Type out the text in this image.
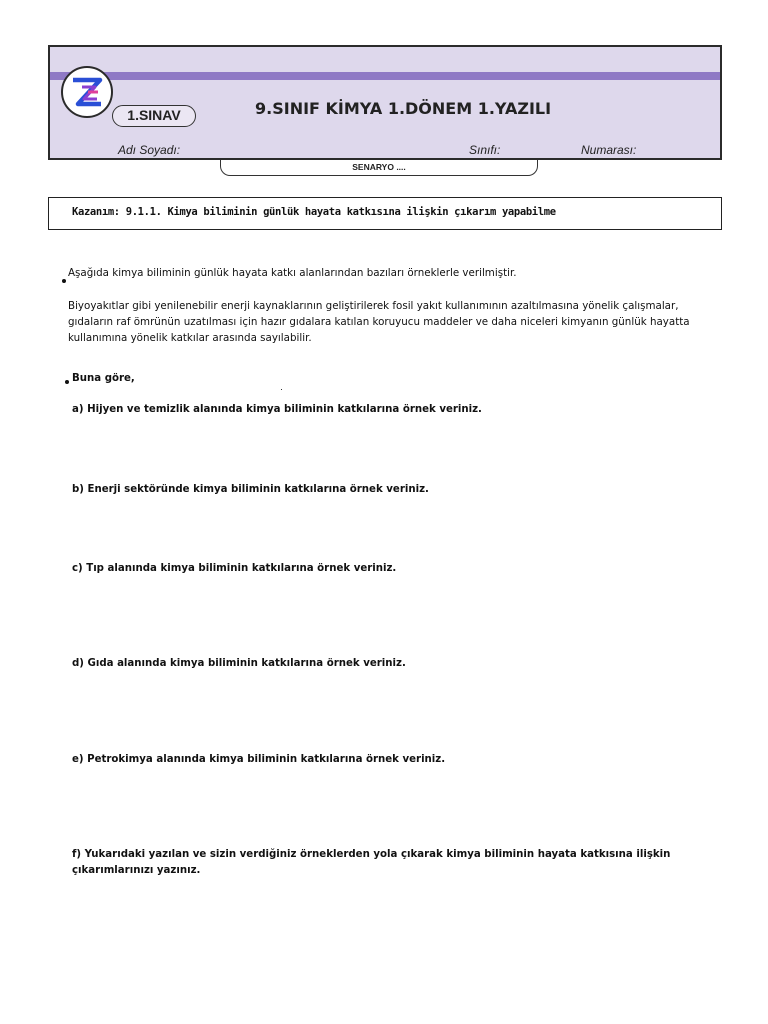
1.SINAV	9.SINIF KİMYA 1.DÖNEM 1.YAZILI
Adı Soyadı:	Sınıfı:	Numarası:
SENARYO ....
Kazanım: 9.1.1. Kimya biliminin günlük hayata katkısına ilişkin çıkarım yapabilme
Aşağıda kimya biliminin günlük hayata katkı alanlarından bazıları örneklerle verilmiştir.
Biyoyakıtlar gibi yenilenebilir enerji kaynaklarının geliştirilerek fosil yakıt kullanımının azaltılmasına yönelik çalışmalar,
gıdaların raf ömrünün uzatılması için hazır gıdalara katılan koruyucu maddeler ve daha niceleri kimyanın günlük hayatta
kullanımına yönelik katkılar arasında sayılabilir.
Buna göre,
a) Hijyen ve temizlik alanında kimya biliminin katkılarına örnek veriniz.
b) Enerji sektöründe kimya biliminin katkılarına örnek veriniz.
c) Tıp alanında kimya biliminin katkılarına örnek veriniz.
d) Gıda alanında kimya biliminin katkılarına örnek veriniz.
e) Petrokimya alanında kimya biliminin katkılarına örnek veriniz.
f) Yukarıdaki yazılan ve sizin verdiğiniz örneklerden yola çıkarak kimya biliminin hayata katkısına ilişkin
çıkarımlarınızı yazınız.
